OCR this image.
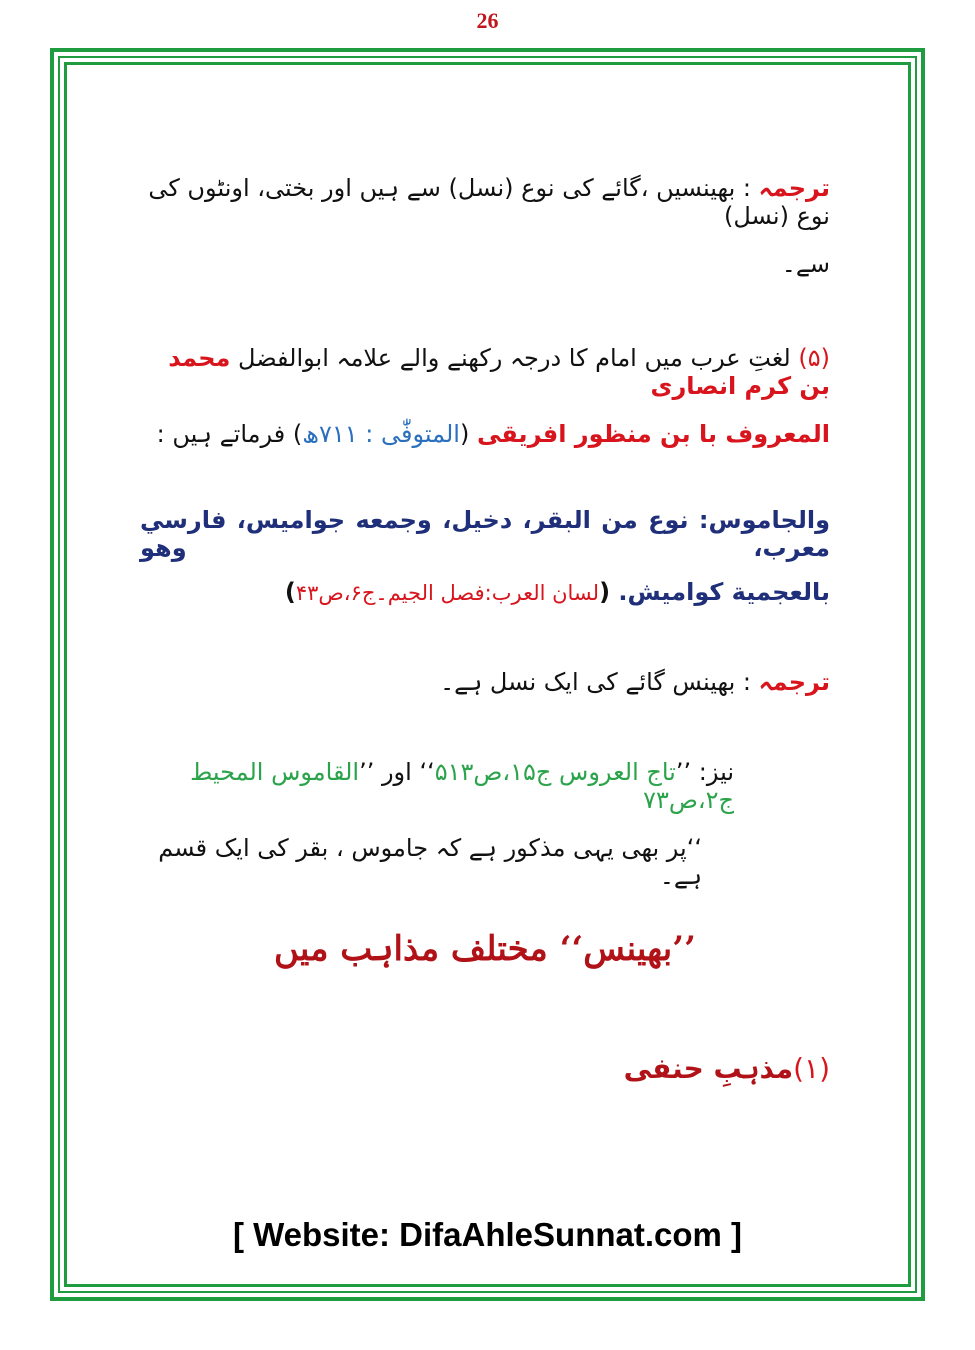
26
ترجمہ : بھینسیں ،گائے کی نوع (نسل) سے ہیں اور بختی، اونٹوں کی نوع (نسل)
سے۔
(۵) لغتِ عرب میں امام کا درجہ رکھنے والے علامہ ابوالفضل محمد بن کرم انصاری
المعروف با بن منظور افریقی (المتوفّٰی : ۷۱۱ھ) فرماتے ہیں :
والجاموس: نوع من البقر، دخيل، وجمعه جواميس، فارسي معرب، وهو
بالعجمية كواميش. (لسان العرب:فصل الجيم۔ج۶،ص۴۳)
ترجمہ : بھینس گائے کی ایک نسل ہے۔
نیز: ’’تاج العروس ج۱۵،ص۵۱۳‘‘ اور ’’القاموس المحیط ج۲،ص۷۳
‘‘پر بھی یہی مذکور ہے کہ جاموس ، بقر کی ایک قسم ہے۔
’’بھینس‘‘ مختلف مذاہب میں
(۱)مذہبِ حنفی
[ Website: DifaAhleSunnat.com ]
